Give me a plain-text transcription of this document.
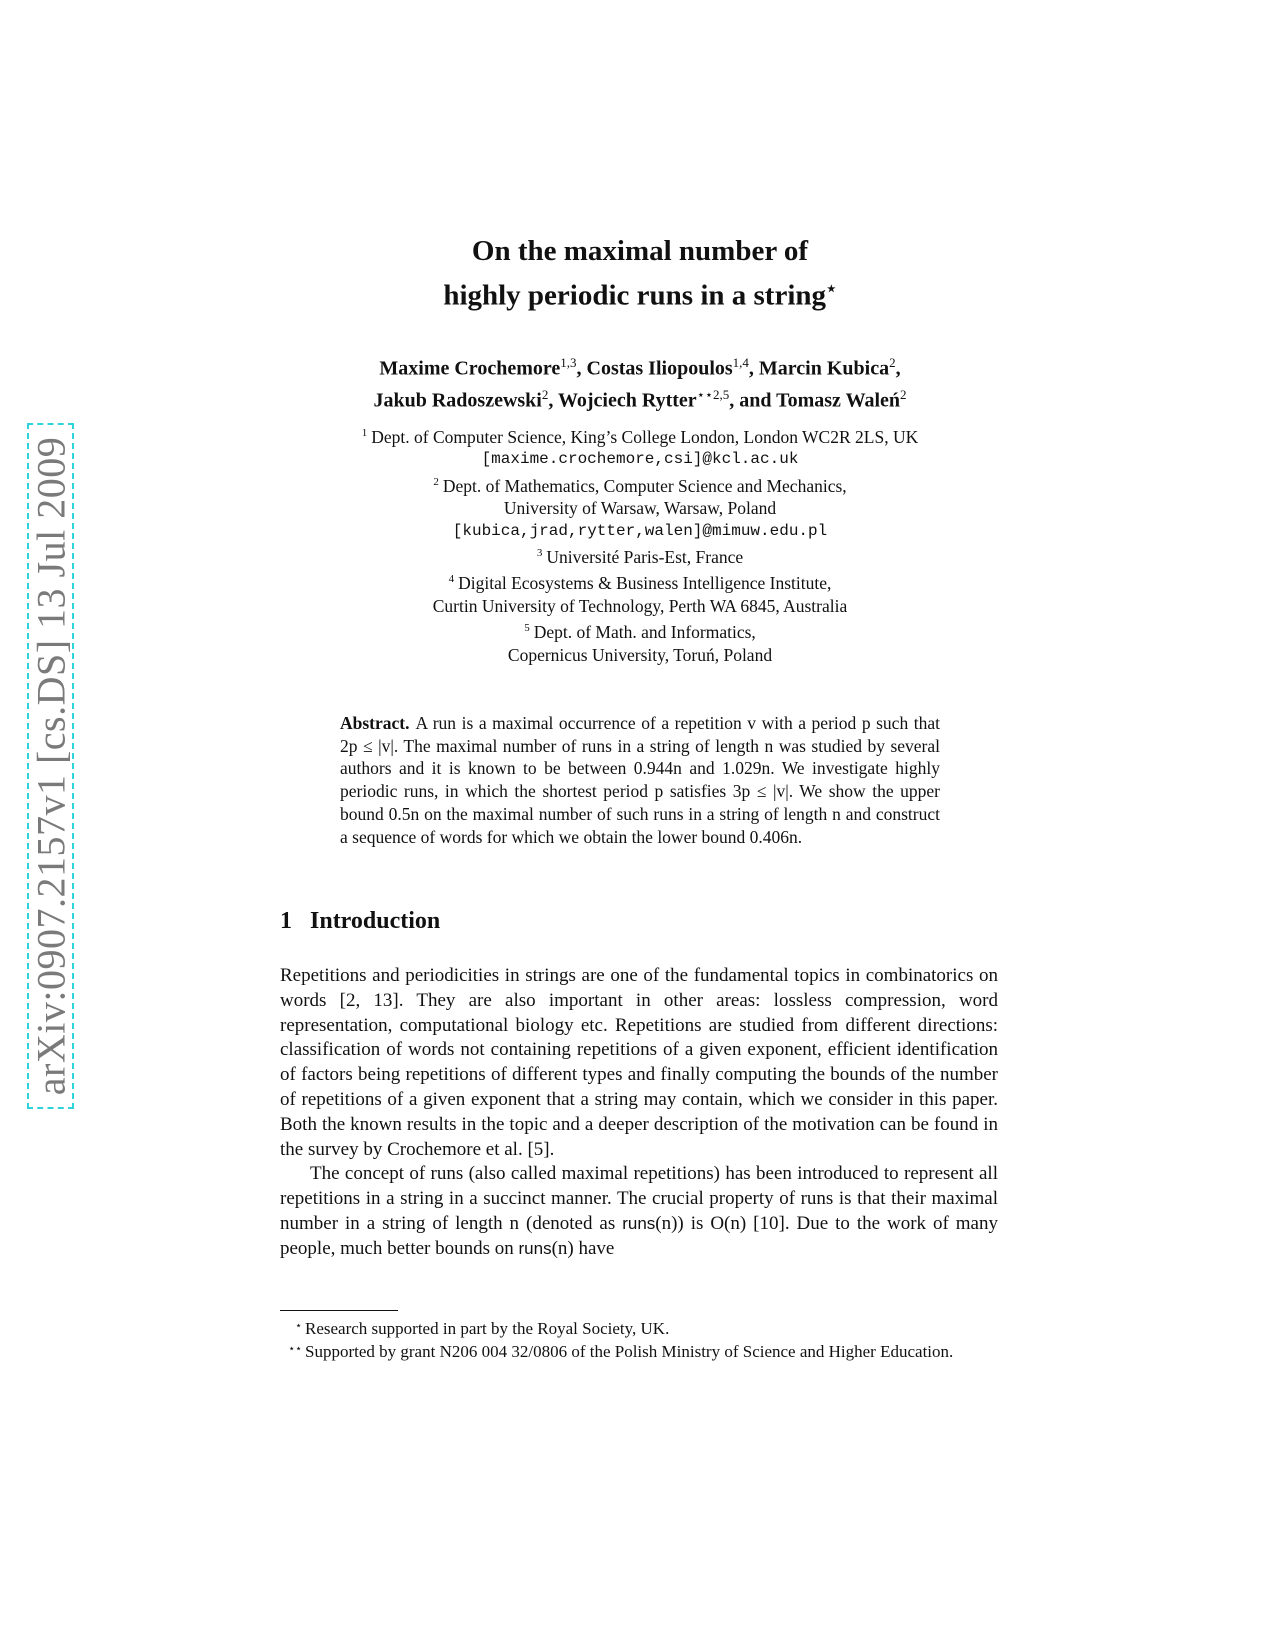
arXiv:0907.2157v1 [cs.DS] 13 Jul 2009
On the maximal number of
highly periodic runs in a string⋆
Maxime Crochemore$^{1,3}$, Costas Iliopoulos$^{1,4}$, Marcin Kubica$^2$,
Jakub Radoszewski$^2$, Wojciech Rytter$^{⋆⋆2,5}$, and Tomasz Waleń$^2$
$^1$ Dept. of Computer Science, King’s College London, London WC2R 2LS, UK
[maxime.crochemore,csi]@kcl.ac.uk
$^2$ Dept. of Mathematics, Computer Science and Mechanics,
University of Warsaw, Warsaw, Poland
[kubica,jrad,rytter,walen]@mimuw.edu.pl
$^3$ Université Paris-Est, France
$^4$ Digital Ecosystems & Business Intelligence Institute,
Curtin University of Technology, Perth WA 6845, Australia
$^5$ Dept. of Math. and Informatics,
Copernicus University, Toruń, Poland
Abstract. A run is a maximal occurrence of a repetition v with a period p such that 2p ≤ |v|. The maximal number of runs in a string of length n was studied by several authors and it is known to be between 0.944n and 1.029n. We investigate highly periodic runs, in which the shortest period p satisfies 3p ≤ |v|. We show the upper bound 0.5n on the maximal number of such runs in a string of length n and construct a sequence of words for which we obtain the lower bound 0.406n.
1 Introduction

Repetitions and periodicities in strings are one of the fundamental topics in combinatorics on words [2, 13]. They are also important in other areas: lossless compression, word representation, computational biology etc. Repetitions are studied from different directions: classification of words not containing repetitions of a given exponent, efficient identification of factors being repetitions of different types and finally computing the bounds of the number of repetitions of a given exponent that a string may contain, which we consider in this paper. Both the known results in the topic and a deeper description of the motivation can be found in the survey by Crochemore et al. [5].

The concept of runs (also called maximal repetitions) has been introduced to represent all repetitions in a string in a succinct manner. The crucial property of runs is that their maximal number in a string of length n (denoted as runs(n)) is O(n) [10]. Due to the work of many people, much better bounds on runs(n) have

⋆ Research supported in part by the Royal Society, UK.
⋆⋆ Supported by grant N206 004 32/0806 of the Polish Ministry of Science and Higher Education.
